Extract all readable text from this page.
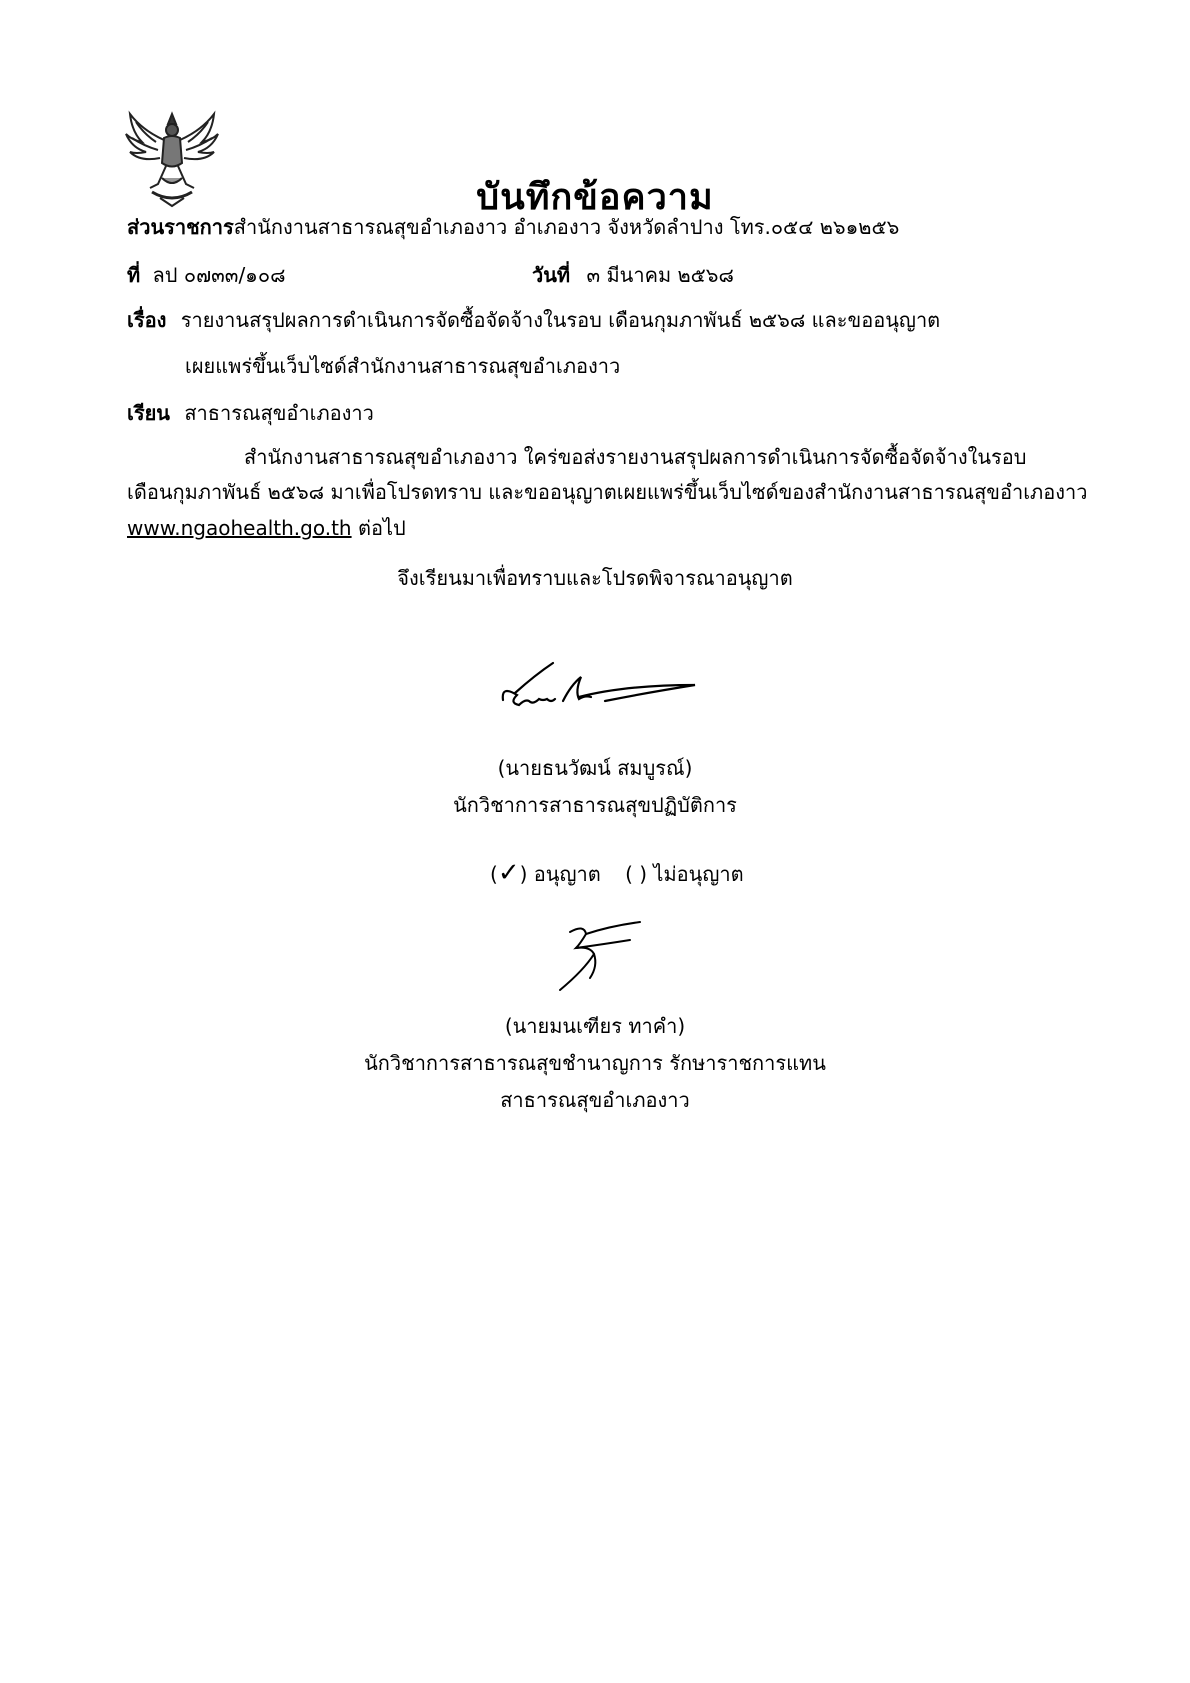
บันทึกข้อความ
ส่วนราชการสำนักงานสาธารณสุขอำเภองาว อำเภองาว จังหวัดลำปาง โทร.๐๕๔ ๒๖๑๒๕๖
ที่ ลป ๐๗๓๓/๑๐๘	วันที่ ๓ มีนาคม ๒๕๖๘
เรื่อง รายงานสรุปผลการดำเนินการจัดซื้อจัดจ้างในรอบ เดือนกุมภาพันธ์ ๒๕๖๘ และขออนุญาต
เผยแพร่ขึ้นเว็บไซด์สำนักงานสาธารณสุขอำเภองาว
เรียน สาธารณสุขอำเภองาว
สำนักงานสาธารณสุขอำเภองาว ใคร่ขอส่งรายงานสรุปผลการดำเนินการจัดซื้อจัดจ้างในรอบ
เดือนกุมภาพันธ์ ๒๕๖๘ มาเพื่อโปรดทราบ และขออนุญาตเผยแพร่ขึ้นเว็บไซด์ของสำนักงานสาธารณสุขอำเภองาว
www.ngaohealth.go.th ต่อไป
จึงเรียนมาเพื่อทราบและโปรดพิจารณาอนุญาต
(นายธนวัฒน์ สมบูรณ์)
นักวิชาการสาธารณสุขปฏิบัติการ
(✓) อนุญาต ( ) ไม่อนุญาต
(นายมนเฑียร ทาคำ)
นักวิชาการสาธารณสุขชำนาญการ รักษาราชการแทน
สาธารณสุขอำเภองาว
